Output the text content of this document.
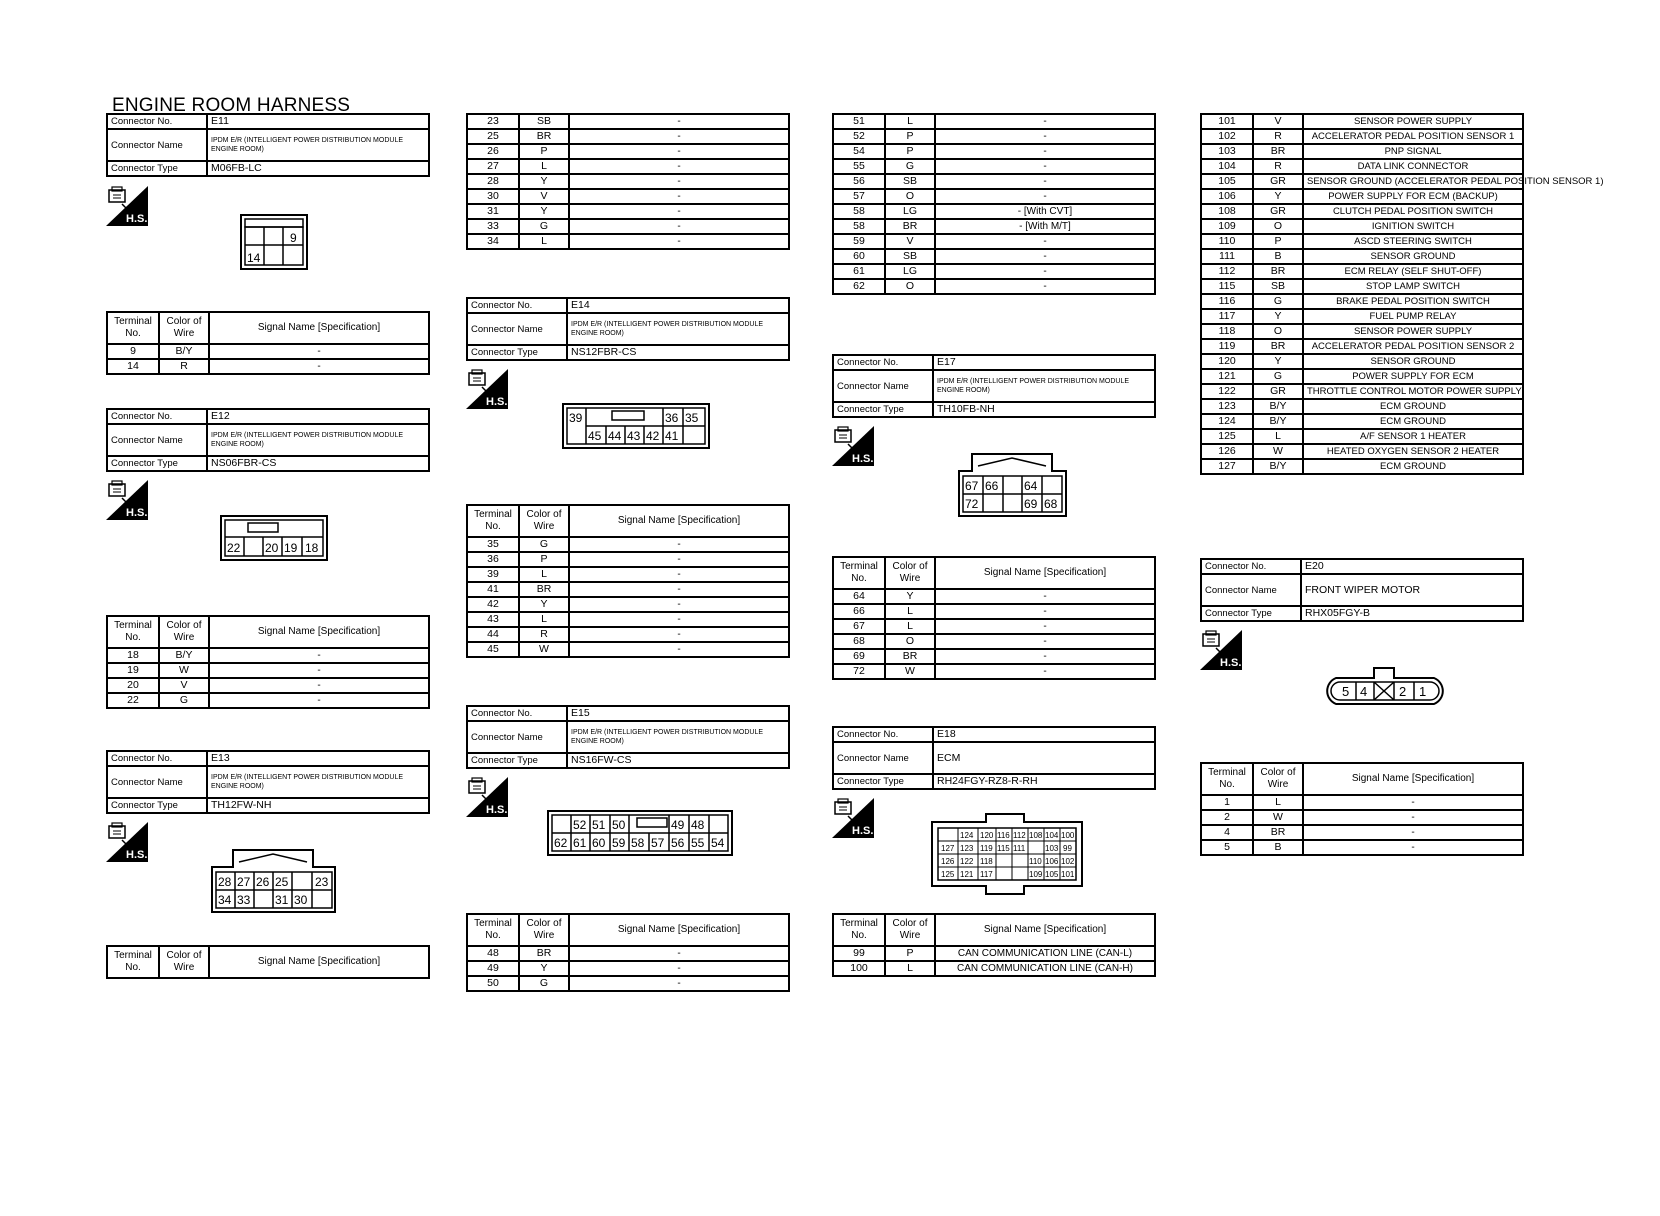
ENGINE ROOM HARNESS
Connector No.	E11
Connector Name	IPDM E/R (INTELLIGENT POWER DISTRIBUTION MODULE ENGINE ROOM)
Connector Type	M06FB-LC
H.S.
9
14
Terminal No.	Color of Wire	Signal Name [Specification]
9	B/Y	-
14	R	-
Connector No.	E12
Connector Name	IPDM E/R (INTELLIGENT POWER DISTRIBUTION MODULE ENGINE ROOM)
Connector Type	NS06FBR-CS
H.S.
22 20 19 18
Terminal No.	Color of Wire	Signal Name [Specification]
18	B/Y	-
19	W	-
20	V	-
22	G	-
Connector No.	E13
Connector Name	IPDM E/R (INTELLIGENT POWER DISTRIBUTION MODULE ENGINE ROOM)
Connector Type	TH12FW-NH
H.S.
28 27 26 25 23
34 33 31 30
Terminal No.	Color of Wire	Signal Name [Specification]
23	SB	-
25	BR	-
26	P	-
27	L	-
28	Y	-
30	V	-
31	Y	-
33	G	-
34	L	-
Connector No.	E14
Connector Name	IPDM E/R (INTELLIGENT POWER DISTRIBUTION MODULE ENGINE ROOM)
Connector Type	NS12FBR-CS
H.S.
39	36 35
45 44 43 42 41
Terminal No.	Color of Wire	Signal Name [Specification]
35	G	-
36	P	-
39	L	-
41	BR	-
42	Y	-
43	L	-
44	R	-
45	W	-
Connector No.	E15
Connector Name	IPDM E/R (INTELLIGENT POWER DISTRIBUTION MODULE ENGINE ROOM)
Connector Type	NS16FW-CS
H.S.
52 51 50	49 48
62 61 60 59 58 57 56 55 54
Terminal No.	Color of Wire	Signal Name [Specification]
48	BR	-
49	Y	-
50	G	-
51	L	-
52	P	-
54	P	-
55	G	-
56	SB	-
57	O	-
58	LG	- [With CVT]
58	BR	- [With M/T]
59	V	-
60	SB	-
61	LG	-
62	O	-
Connector No.	E17
Connector Name	IPDM E/R (INTELLIGENT POWER DISTRIBUTION MODULE ENGINE ROOM)
Connector Type	TH10FB-NH
H.S.
67 66 64
72	69 68
Terminal No.	Color of Wire	Signal Name [Specification]
64	Y	-
66	L	-
67	L	-
68	O	-
69	BR	-
72	W	-
Connector No.	E18
Connector Name	ECM
Connector Type	RH24FGY-RZ8-R-RH
H.S.	124 120 116 112 108 104 100
127 123 119 115 111 103 99
126 122 118	110 106 102
125 121 117	109 105 101
Terminal No.	Color of Wire	Signal Name [Specification]
99	P	CAN COMMUNICATION LINE (CAN-L)
100	L	CAN COMMUNICATION LINE (CAN-H)
101	V	SENSOR POWER SUPPLY
102	R	ACCELERATOR PEDAL POSITION SENSOR 1
103	BR	PNP SIGNAL
104	R	DATA LINK CONNECTOR
105	GR	SENSOR GROUND (ACCELERATOR PEDAL POSITION SENSOR 1)
106	Y	POWER SUPPLY FOR ECM (BACKUP)
108	GR	CLUTCH PEDAL POSITION SWITCH
109	O	IGNITION SWITCH
110	P	ASCD STEERING SWITCH
111	B	SENSOR GROUND
112	BR	ECM RELAY (SELF SHUT-OFF)
115	SB	STOP LAMP SWITCH
116	G	BRAKE PEDAL POSITION SWITCH
117	Y	FUEL PUMP RELAY
118	O	SENSOR POWER SUPPLY
119	BR	ACCELERATOR PEDAL POSITION SENSOR 2
120	Y	SENSOR GROUND
121	G	POWER SUPPLY FOR ECM
122	GR	THROTTLE CONTROL MOTOR POWER SUPPLY
123	B/Y	ECM GROUND
124	B/Y	ECM GROUND
125	L	A/F SENSOR 1 HEATER
126	W	HEATED OXYGEN SENSOR 2 HEATER
127	B/Y	ECM GROUND
Connector No.	E20
Connector Name	FRONT WIPER MOTOR
Connector Type	RHX05FGY-B
H.S.
5 4 2 1
Terminal No.	Color of Wire	Signal Name [Specification]
1	L	-
2	W	-
4	BR	-
5	B	-
